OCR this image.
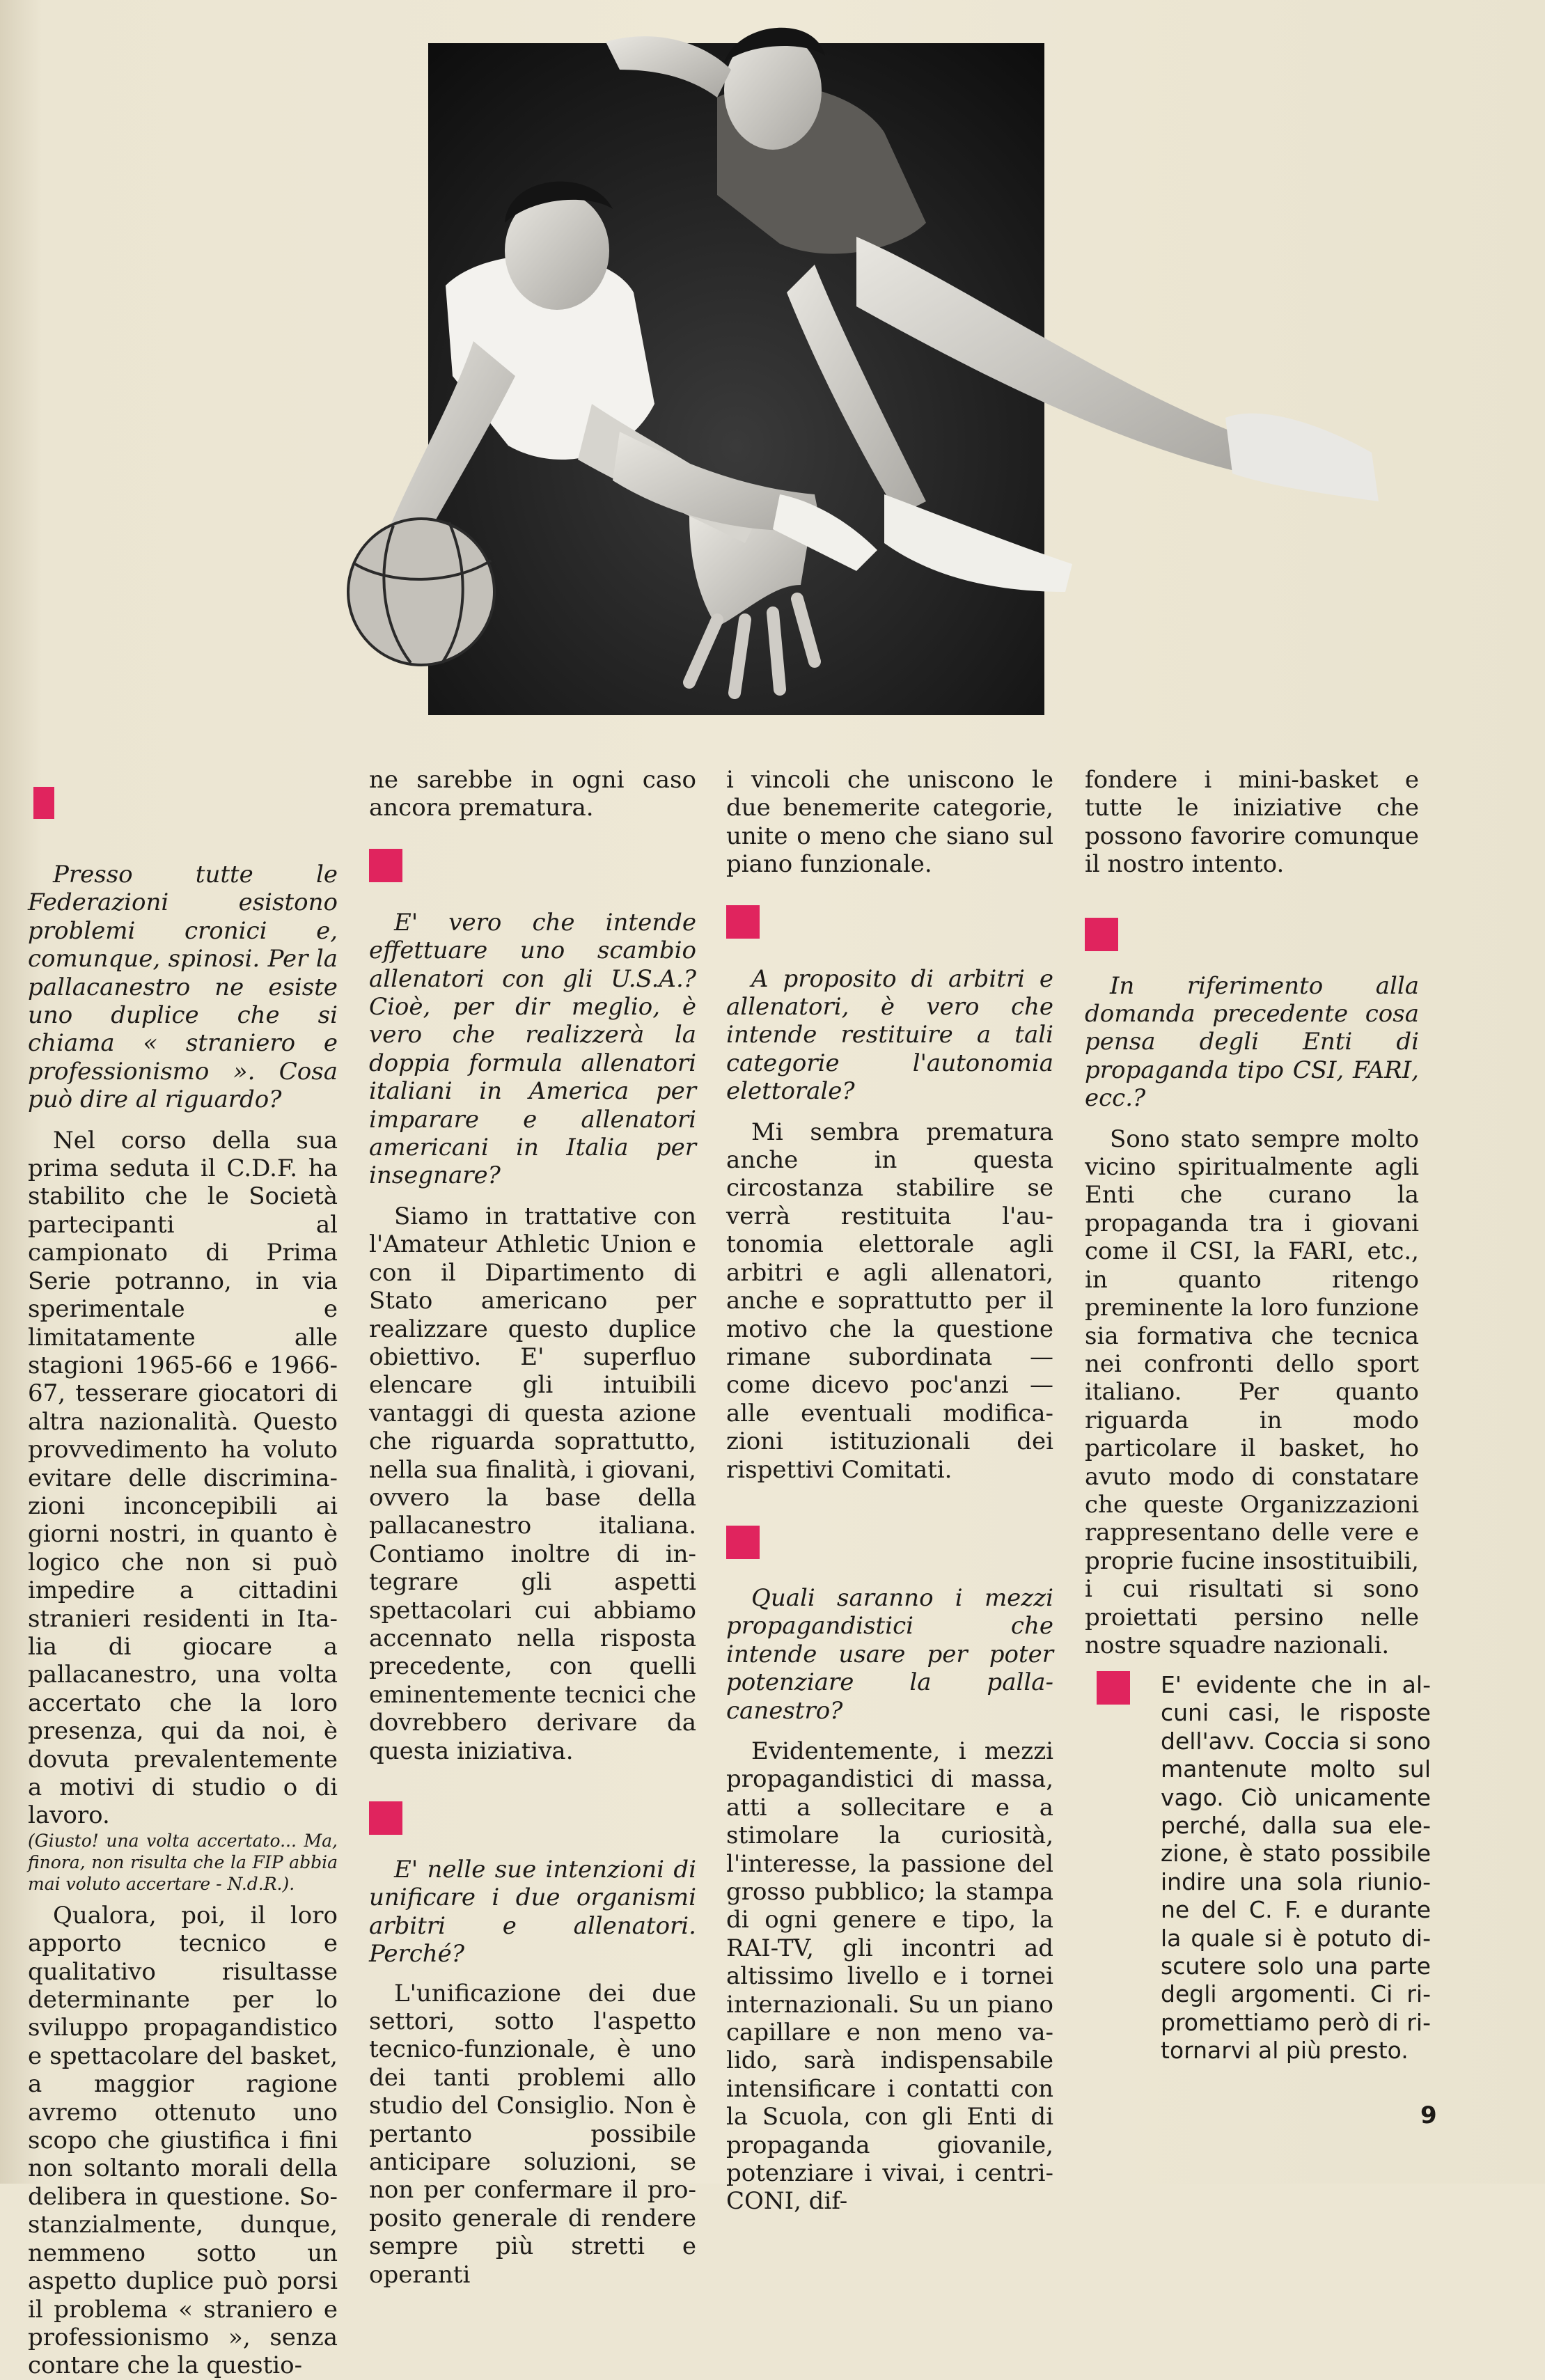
Presso tutte le Federazioni esistono problemi cronici e, comunque, spinosi. Per la pallacanestro ne esiste uno duplice che si chiama « straniero e professionismo ». Cosa può dire al riguardo?

Nel corso della sua prima seduta il C.D.F. ha stabilito che le Società partecipanti al campionato di Prima Serie potranno, in via sperimentale e limitatamente alle stagioni 1965-66 e 1966-67, tesserare giocatori di altra nazionalità. Questo provvedimento ha voluto evitare delle discriminazioni inconcepibili ai giorni nostri, in quanto è logico che non si può impedire a cittadini stranieri residenti in Italia di giocare a pallacanestro, una volta accertato che la loro presenza, qui da noi, è dovuta prevalentemente a motivi di studio o di lavoro.

(Giusto! una volta accertato... Ma, finora, non risulta che la FIP abbia mai voluto accertare - N.d.R.).

Qualora, poi, il loro apporto tecnico e qualitativo risultasse determinante per lo sviluppo propagandistico e spettacolare del basket, a maggior ragione avremo ottenuto uno scopo che giustifica i fini non soltanto morali della delibera in questione. Sostanzialmente, dunque, nemmeno sotto un aspetto duplice può porsi il problema « straniero e professionismo », senza contare che la questio-

ne sarebbe in ogni caso ancora prematura.

E' vero che intende effettuare uno scambio allenatori con gli U.S.A.? Cioè, per dir meglio, è vero che realizzerà la doppia formula allenatori italiani in America per imparare e allenatori americani in Italia per insegnare?

Siamo in trattative con l'Amateur Athletic Union e con il Dipartimento di Stato americano per realizzare questo duplice obiettivo. E' superfluo elencare gli intuibili vantaggi di questa azione che riguarda soprattutto, nella sua finalità, i giovani, ovvero la base della pallacanestro italiana. Contiamo inoltre di integrare gli aspetti spettacolari cui abbiamo accennato nella risposta precedente, con quelli eminentemente tecnici che dovrebbero derivare da questa iniziativa.

E' nelle sue intenzioni di unificare i due organismi arbitri e allenatori. Perché?

L'unificazione dei due settori, sotto l'aspetto tecnico-funzionale, è uno dei tanti problemi allo studio del Consiglio. Non è pertanto possibile anticipare soluzioni, se non per confermare il proposito generale di rendere sempre più stretti e operanti

i vincoli che uniscono le due benemerite categorie, unite o meno che siano sul piano funzionale.

A proposito di arbitri e allenatori, è vero che intende restituire a tali categorie l'autonomia elettorale?

Mi sembra prematura anche in questa circostanza stabilire se verrà restituita l'autonomia elettorale agli arbitri e agli allenatori, anche e soprattutto per il motivo che la questione rimane subordinata — come dicevo poc'anzi — alle eventuali modificazioni istituzionali dei rispettivi Comitati.

Quali saranno i mezzi propagandistici che intende usare per poter potenziare la pallacanestro?

Evidentemente, i mezzi propagandistici di massa, atti a sollecitare e a stimolare la curiosità, l'interesse, la passione del grosso pubblico; la stampa di ogni genere e tipo, la RAI-TV, gli incontri ad altissimo livello e i tornei internazionali. Su un piano capillare e non meno valido, sarà indispensabile intensificare i contatti con la Scuola, con gli Enti di propaganda giovanile, potenziare i vivai, i centri-CONI, dif-

fondere i mini-basket e tutte le iniziative che possono favorire comunque il nostro intento.

In riferimento alla domanda precedente cosa pensa degli Enti di propaganda tipo CSI, FARI, ecc.?

Sono stato sempre molto vicino spiritualmente agli Enti che curano la propaganda tra i giovani come il CSI, la FARI, etc., in quanto ritengo preminente la loro funzione sia formativa che tecnica nei confronti dello sport italiano. Per quanto riguarda in modo particolare il basket, ho avuto modo di constatare che queste Organizzazioni rappresentano delle vere e proprie fucine insostituibili, i cui risultati si sono proiettati persino nelle nostre squadre nazionali.

E' evidente che in alcuni casi, le risposte dell'avv. Coccia si sono mantenute molto sul vago. Ciò unicamente perché, dalla sua elezione, è stato possibile indire una sola riunione del C. F. e durante la quale si è potuto discutere solo una parte degli argomenti. Ci ripromettiamo però di ritornarvi al più presto.

9
